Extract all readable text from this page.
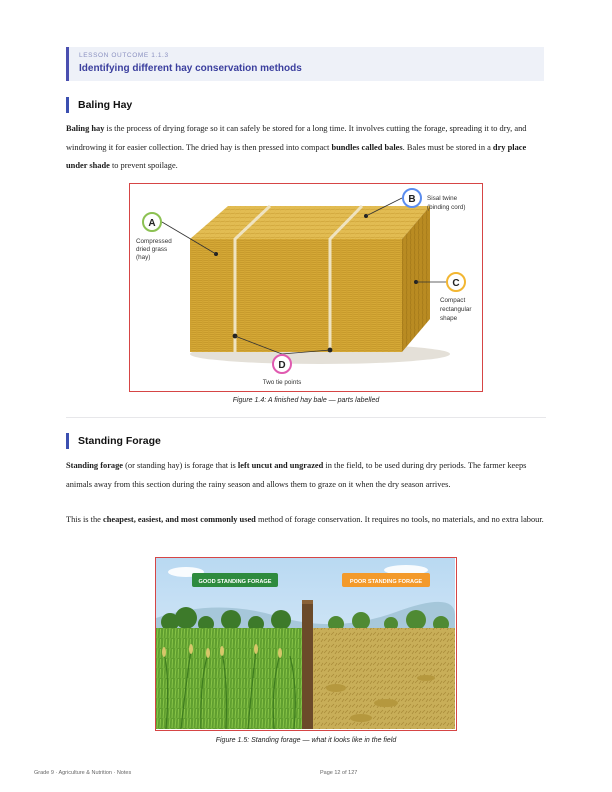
LESSON OUTCOME 1.1.3
Identifying different hay conservation methods
Baling Hay

Baling hay is the process of drying forage so it can safely be stored for a long time. It involves cutting the forage, spreading it to dry, and windrowing it for easier collection. The dried hay is then pressed into compact bundles called bales. Bales must be stored in a dry place under shade to prevent spoilage.

A
Compressed
dried grass
(hay)
B Sisal twine
(binding cord)
C
Compact
rectangular
shape
D
Two tie points
Figure 1.4: A finished hay bale — parts labelled
Standing Forage

Standing forage (or standing hay) is forage that is left uncut and ungrazed in the field, to be used during dry periods. The farmer keeps animals away from this section during the rainy season and allows them to graze on it when the dry season arrives.

This is the cheapest, easiest, and most commonly used method of forage conservation. It requires no tools, no materials, and no extra labour.

GOOD STANDING FORAGE	POOR STANDING FORAGE
Figure 1.5: Standing forage — what it looks like in the field
Grade 9 · Agriculture & Nutrition · Notes	Page 12 of 127
